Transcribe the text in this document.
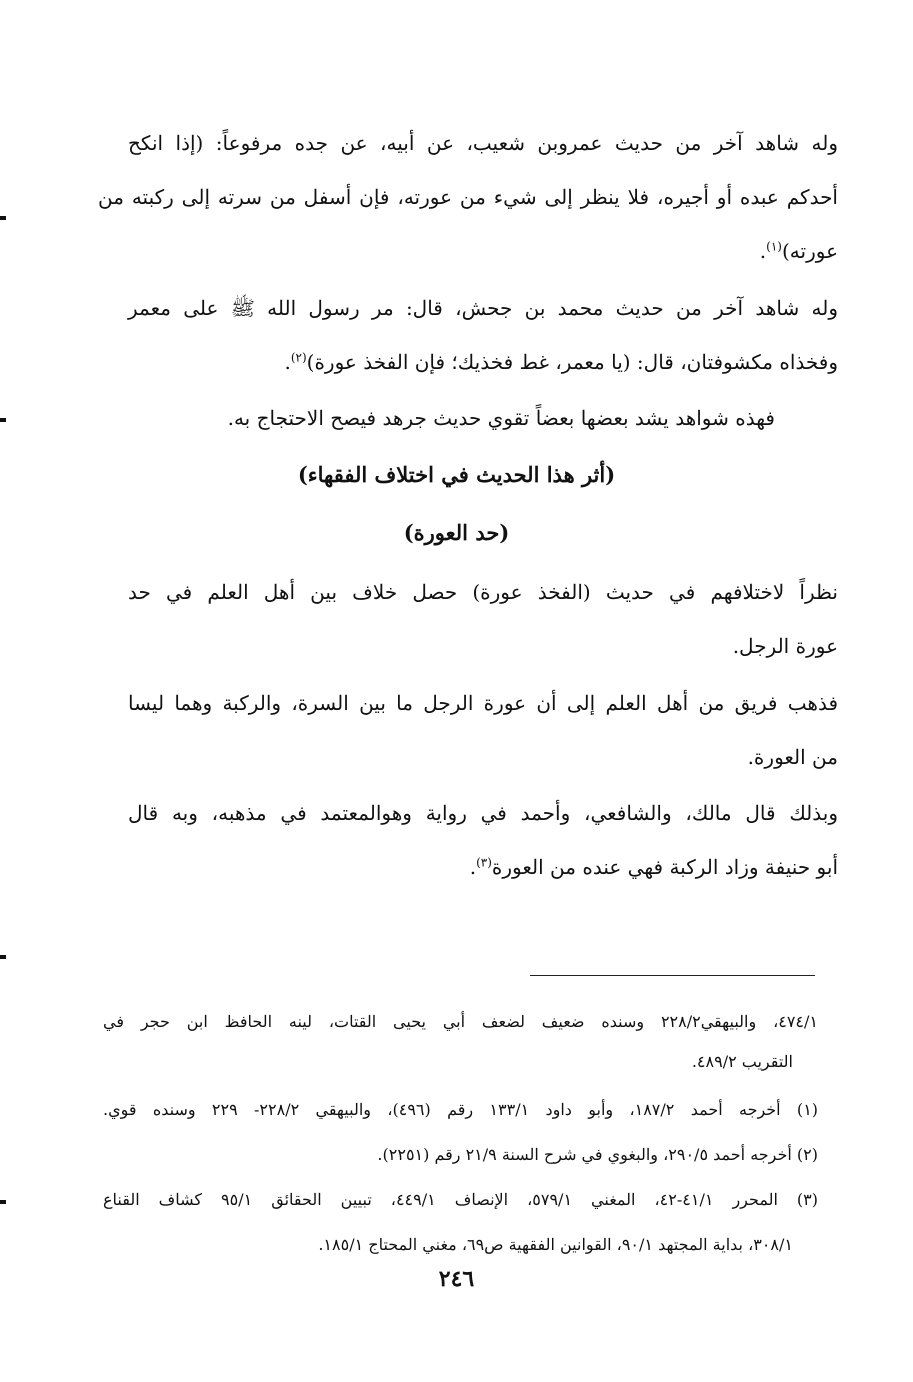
وله شاهد آخر من حديث عمروبن شعيب، عن أبيه، عن جده مرفوعاً: (إذا انكح

أحدكم عبده أو أجيره، فلا ينظر إلى شيء من عورته، فإن أسفل من سرته إلى ركبته من

عورته)$^{(١)}$.

وله شاهد آخر من حديث محمد بن جحش، قال: مر رسول الله ﷺ على معمر

وفخذاه مكشوفتان، قال: (يا معمر، غط فخذيك؛ فإن الفخذ عورة)$^{(٢)}$.

فهذه شواهد يشد بعضها بعضاً تقوي حديث جرهد فيصح الاحتجاج به.

(أثر هذا الحديث في اختلاف الفقهاء)
(حد العورة)

نظراً لاختلافهم في حديث (الفخذ عورة) حصل خلاف بين أهل العلم في حد

عورة الرجل.

فذهب فريق من أهل العلم إلى أن عورة الرجل ما بين السرة، والركبة وهما ليسا

من العورة.

وبذلك قال مالك، والشافعي، وأحمد في رواية وهوالمعتمد في مذهبه، وبه قال

أبو حنيفة وزاد الركبة فهي عنده من العورة$^{(٣)}$.

٤٧٤/١، والبيهقي٢٢٨/٢ وسنده ضعيف لضعف أبي يحيى القتات، لينه الحافظ ابن حجر في

التقريب ٤٨٩/٢.

(١) أخرجه أحمد ١٨٧/٢، وأبو داود ١٣٣/١ رقم (٤٩٦)، والبيهقي ٢٢٨/٢- ٢٢٩ وسنده قوي.

(٢) أخرجه أحمد ٢٩٠/٥، والبغوي في شرح السنة ٢١/٩ رقم (٢٢٥١).

(٣) المحرر ٤١/١-٤٢، المغني ٥٧٩/١، الإنصاف ٤٤٩/١، تبيين الحقائق ٩٥/١ كشاف القناع

٣٠٨/١، بداية المجتهد ٩٠/١، القوانين الفقهية ص٦٩، مغني المحتاج ١٨٥/١.

٢٤٦
